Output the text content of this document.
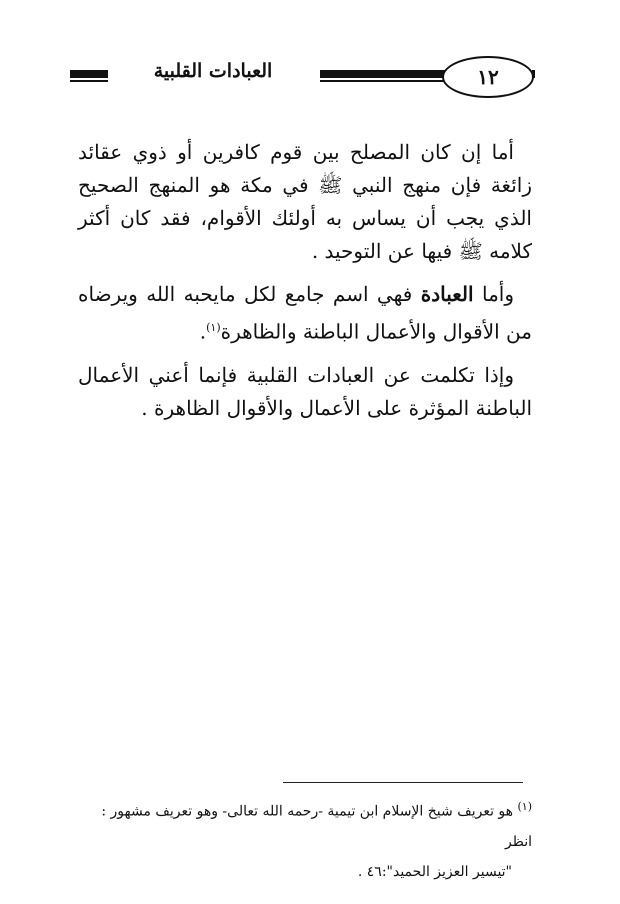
العبادات القلبية	١٢

أما إن كان المصلح بين قوم كافرين أو ذوي عقائد زائغة فإن منهج النبي ﷺ في مكة هو المنهج الصحيح الذي يجب أن يساس به أولئك الأقوام، فقد كان أكثر كلامه ﷺ فيها عن التوحيد .

وأما العبادة فهي اسم جامع لكل مايحبه الله ويرضاه من الأقوال والأعمال الباطنة والظاهرة$^{(١)}$.

وإذا تكلمت عن العبادات القلبية فإنما أعني الأعمال الباطنة المؤثرة على الأعمال والأقوال الظاهرة .

$^{(١)}$ هو تعريف شيخ الإسلام ابن تيمية -رحمه الله تعالى- وهو تعريف مشهور : انظر
"تيسير العزيز الحميد":٤٦ .
